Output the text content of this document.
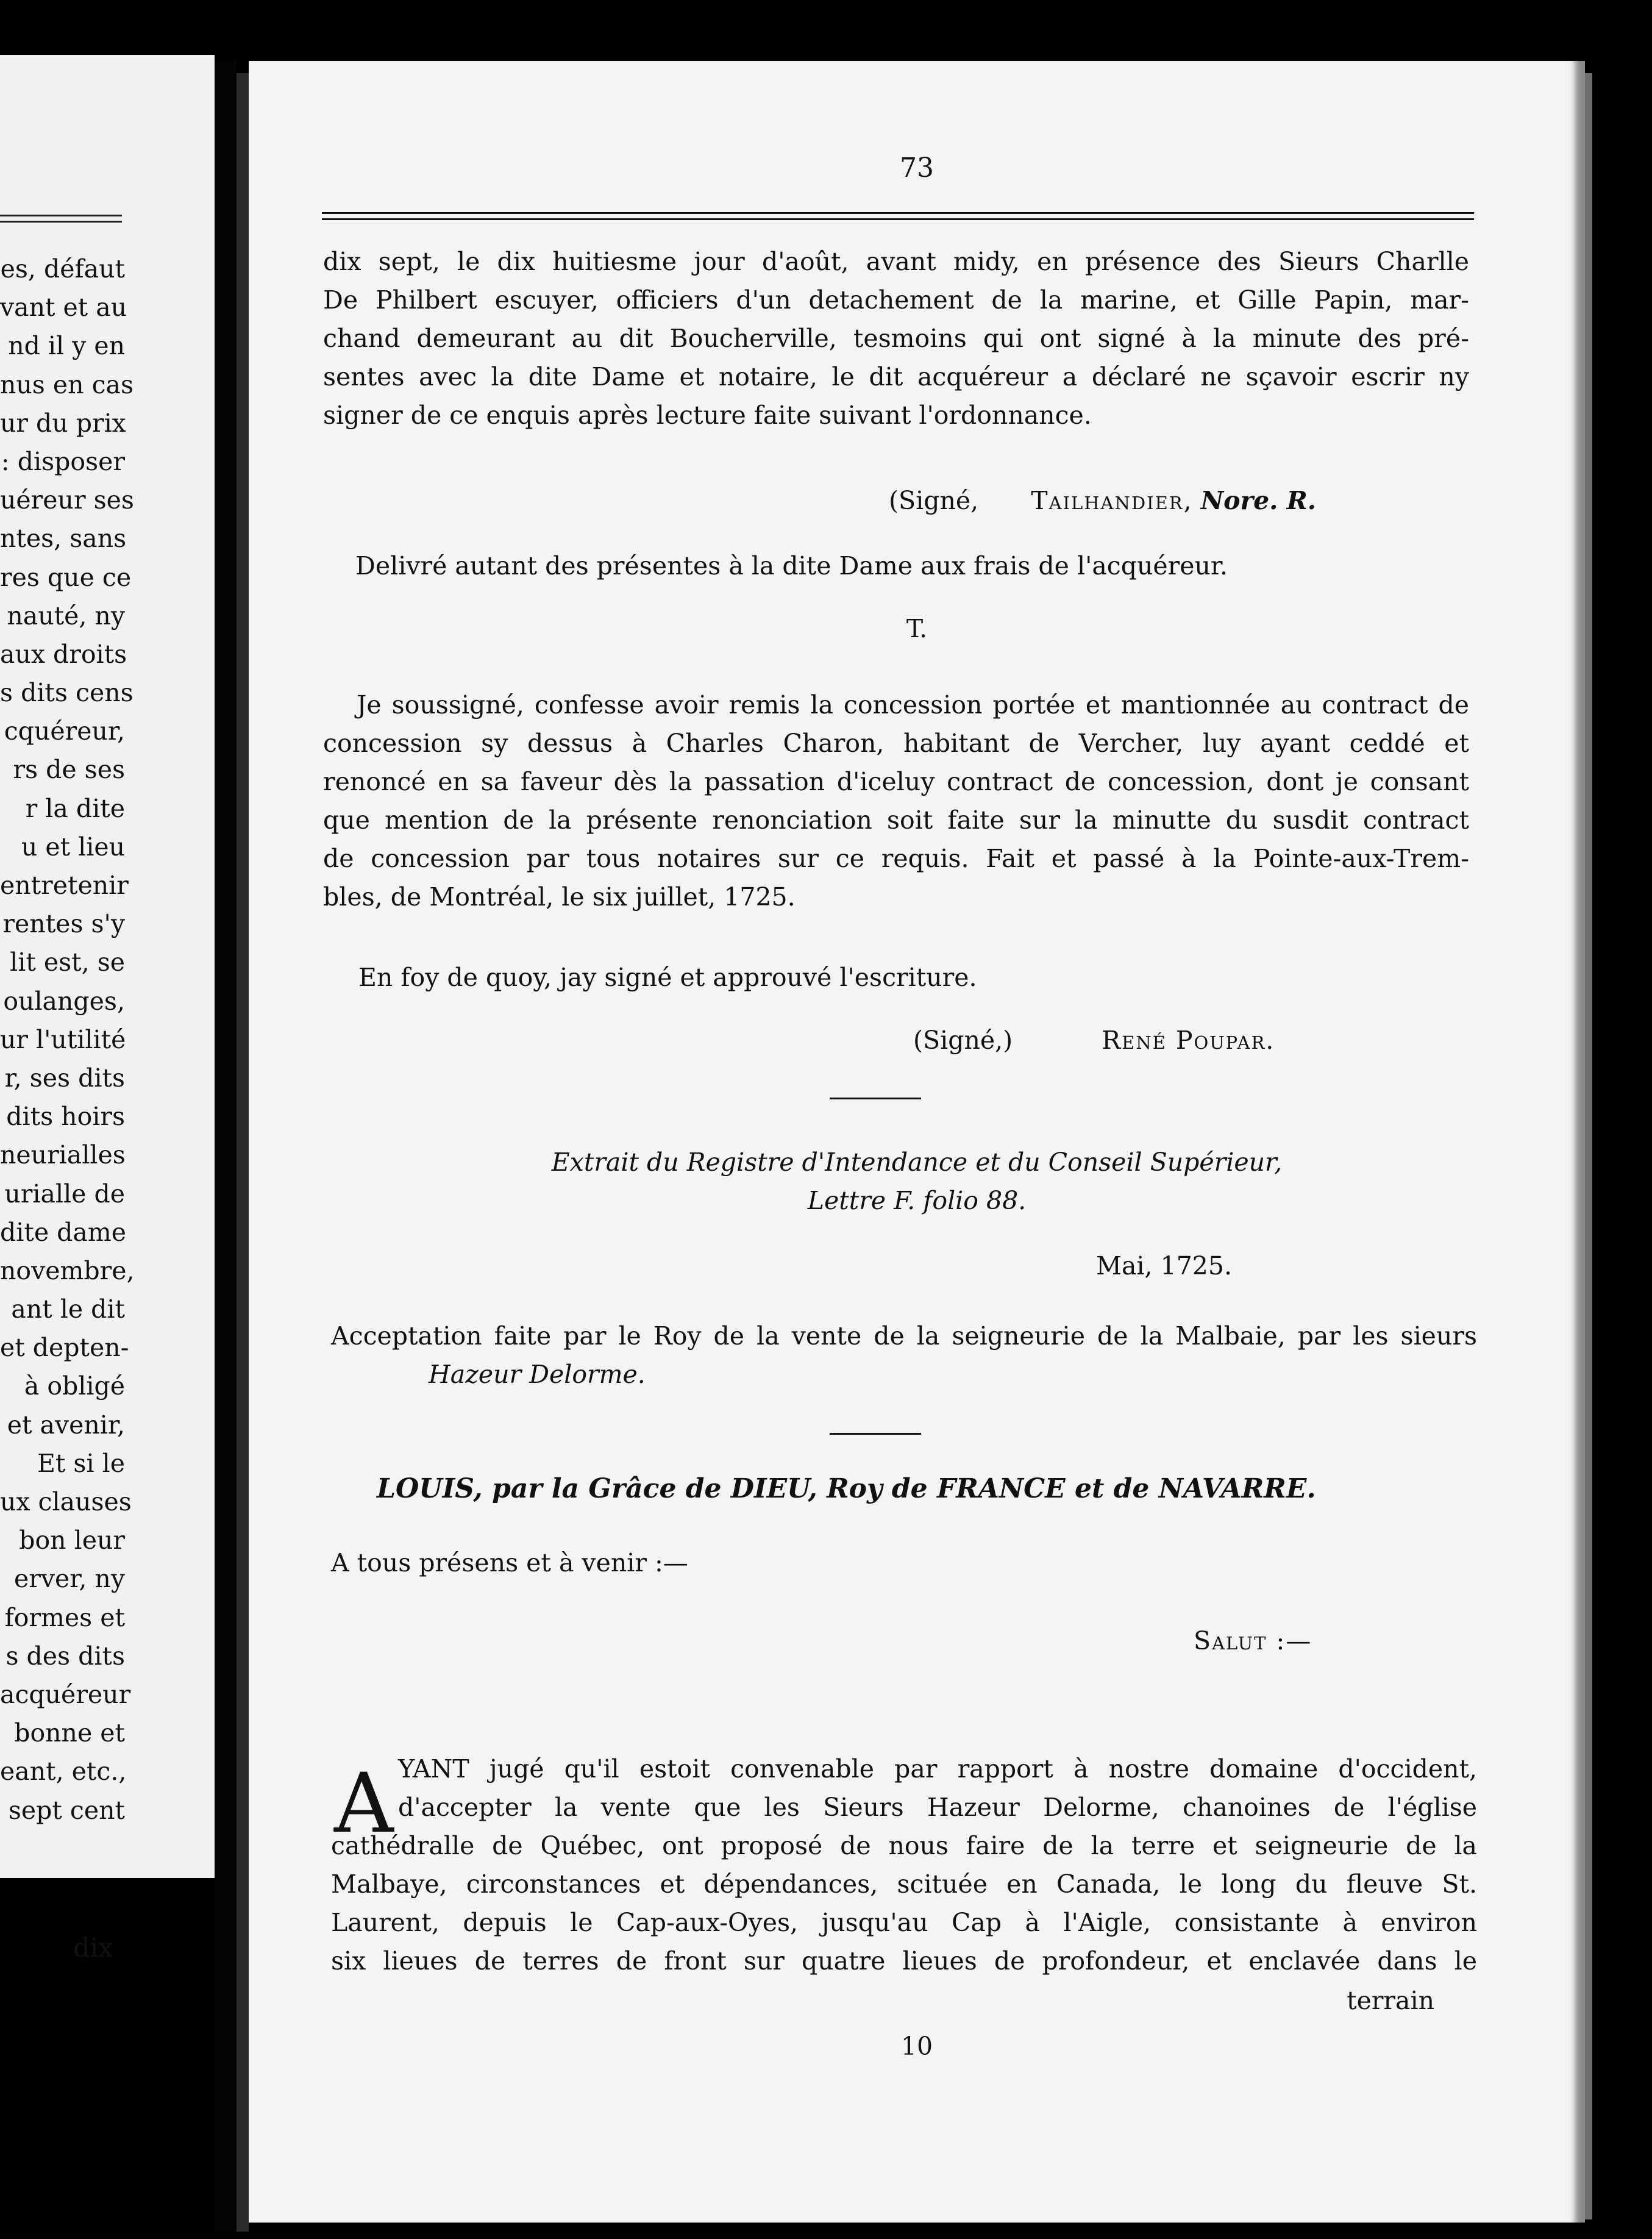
es, défaut
vant et au
nd il y en
nus en cas
ur du prix
: disposer
uéreur ses
ntes, sans
res que ce
nauté, ny
aux droits
s dits cens
cquéreur,
rs de ses
r la dite
u et lieu
entretenir
rentes s'y
lit est, se
oulanges,
ur l'utilité
r, ses dits
dits hoirs
neurialles
urialle de
dite dame
novembre,
ant le dit
et depten-
à obligé
et avenir,
Et si le
ux clauses
bon leur
erver, ny
formes et
s des dits
acquéreur
bonne et
eant, etc.,
sept cent
dix
73
dix sept, le dix huitiesme jour d'août, avant midy, en présence des Sieurs Charlle
De Philbert escuyer, officiers d'un detachement de la marine, et Gille Papin, mar-
chand demeurant au dit Boucherville, tesmoins qui ont signé à la minute des pré-
sentes avec la dite Dame et notaire, le dit acquéreur a déclaré ne sçavoir escrir ny
signer de ce enquis après lecture faite suivant l'ordonnance.
(Signé, Tailhandier, Nore. R.
Delivré autant des présentes à la dite Dame aux frais de l'acquéreur.
T.
Je soussigné, confesse avoir remis la concession portée et mantionnée au contract de
concession sy dessus à Charles Charon, habitant de Vercher, luy ayant ceddé et
renoncé en sa faveur dès la passation d'iceluy contract de concession, dont je consant
que mention de la présente renonciation soit faite sur la minutte du susdit contract
de concession par tous notaires sur ce requis. Fait et passé à la Pointe-aux-Trem-
bles, de Montréal, le six juillet, 1725.
En foy de quoy, jay signé et approuvé l'escriture.
(Signé,)	René Poupar.
Extrait du Registre d'Intendance et du Conseil Supérieur,
Lettre F. folio 88.
Mai, 1725.
Acceptation faite par le Roy de la vente de la seigneurie de la Malbaie, par les sieurs
Hazeur Delorme.
LOUIS, par la Grâce de DIEU, Roy de FRANCE et de NAVARRE.
A tous présens et à venir :—
Salut :—
A YANT jugé qu'il estoit convenable par rapport à nostre domaine d'occident,
d'accepter la vente que les Sieurs Hazeur Delorme, chanoines de l'église
cathédralle de Québec, ont proposé de nous faire de la terre et seigneurie de la
Malbaye, circonstances et dépendances, scituée en Canada, le long du fleuve St.
Laurent, depuis le Cap-aux-Oyes, jusqu'au Cap à l'Aigle, consistante à environ
six lieues de terres de front sur quatre lieues de profondeur, et enclavée dans le
terrain
10
